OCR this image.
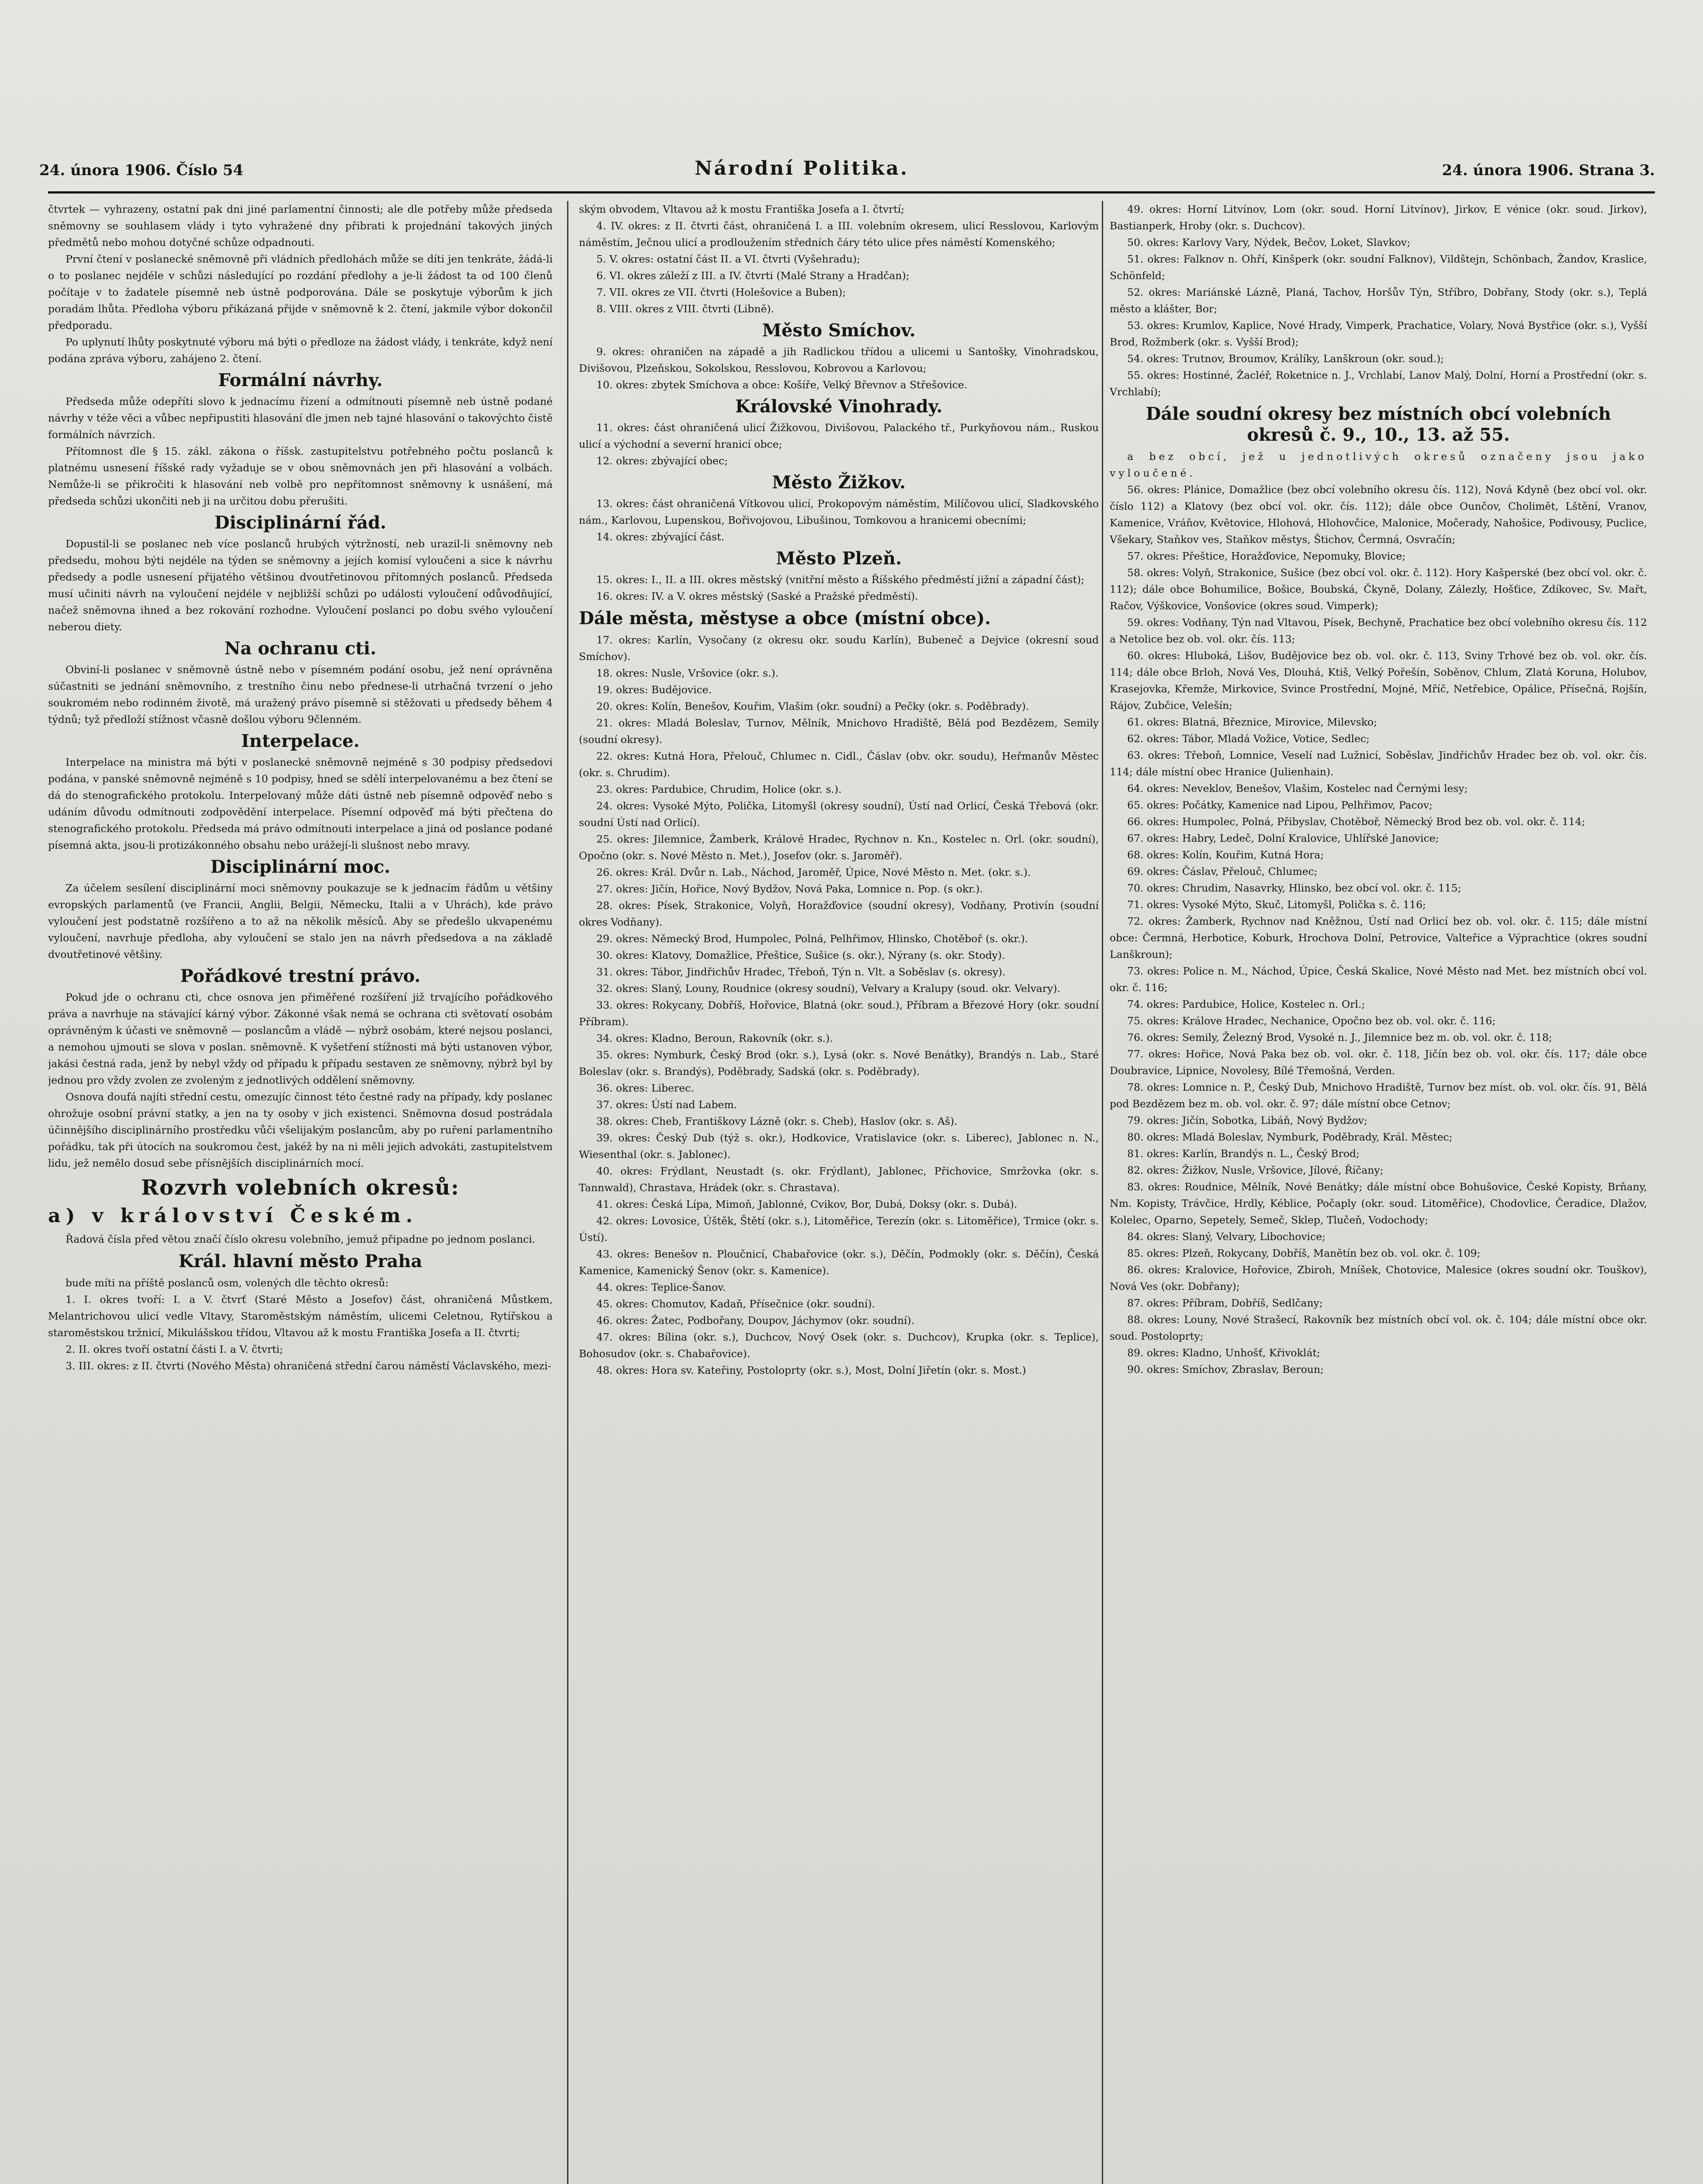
24. února 1906. Číslo 54	Národní Politika.	24. února 1906. Strana 3.

čtvrtek — vyhrazeny, ostatní pak dni jiné parlamentní činnosti; ale dle potřeby může předseda sněmovny se souhlasem vlády i tyto vyhražené dny přibrati k projednání takových jiných předmětů nebo mohou dotyčné schůze odpadnouti.

První čtení v poslanecké sněmovně při vládních předlohách může se díti jen tenkráte, žádá-li o to poslanec nejdéle v schůzi následující po rozdání předlohy a je-li žádost ta od 100 členů počítaje v to žadatele písemně neb ústně podporována. Dále se poskytuje výborům k jich poradám lhůta. Předloha výboru přikázaná přijde v sněmovně k 2. čtení, jakmile výbor dokončil předporadu.

Po uplynutí lhůty poskytnuté výboru má býti o předloze na žádost vlády, i tenkráte, když není podána zpráva výboru, zahájeno 2. čtení.

Formální návrhy.

Předseda může odepříti slovo k jednacímu řízení a odmítnouti písemně neb ústně podané návrhy v téže věci a vůbec nepřipustiti hlasování dle jmen neb tajné hlasování o takovýchto čistě formálních návrzích.

Přítomnost dle § 15. zákl. zákona o říšsk. zastupitelstvu potřebného počtu poslanců k platnému usnesení říšské rady vyžaduje se v obou sněmovnách jen při hlasování a volbách. Nemůže-li se přikročiti k hlasování neb volbě pro nepřítomnost sněmovny k usnášení, má předseda schůzi ukončiti neb ji na určitou dobu přerušiti.

Disciplinární řád.

Dopustil-li se poslanec neb více poslanců hrubých výtržností, neb urazil-li sněmovny neb předsedu, mohou býti nejdéle na týden se sněmovny a jejích komisí vyloučeni a sice k návrhu předsedy a podle usnesení přijatého většinou dvoutřetinovou přítomných poslanců. Předseda musí učiniti návrh na vyloučení nejdéle v nejbližší schůzi po události vyloučení odůvodňující, načež sněmovna ihned a bez rokování rozhodne. Vyloučení poslanci po dobu svého vyloučení neberou diety.

Na ochranu cti.

Obviní-li poslanec v sněmovně ústně nebo v písemném podání osobu, jež není oprávněna súčastniti se jednání sněmovního, z trestního činu nebo přednese-li utrhačná tvrzení o jeho soukromém nebo rodinném životě, má uražený právo písemně si stěžovati u předsedy během 4 týdnů; tyž předloží stížnost včasně došlou výboru 9členném.

Interpelace.

Interpelace na ministra má býti v poslanecké sněmovně nejméně s 30 podpisy předsedovi podána, v panské sněmovně nejméně s 10 podpisy, hned se sdělí interpelovanému a bez čtení se dá do stenografického protokolu. Interpelovaný může dáti ústně neb písemně odpověď nebo s udáním důvodu odmítnouti zodpovědění interpelace. Písemní odpověď má býti přečtena do stenografického protokolu. Předseda má právo odmítnouti interpelace a jiná od poslance podané písemná akta, jsou-li protizákonného obsahu nebo urážejí-li slušnost nebo mravy.

Disciplinární moc.

Za účelem sesílení disciplinární moci sněmovny poukazuje se k jednacím řádům u většiny evropských parlamentů (ve Francii, Anglii, Belgii, Německu, Italii a v Uhrách), kde právo vyloučení jest podstatně rozšířeno a to až na několik měsíců. Aby se předešlo ukvapenému vyloučení, navrhuje předloha, aby vyloučení se stalo jen na návrh předsedova a na základě dvoutřetinové většiny.

Pořádkové trestní právo.

Pokud jde o ochranu cti, chce osnova jen přiměřené rozšíření již trvajícího pořádkového práva a navrhuje na stávající kárný výbor. Zákonné však nemá se ochrana cti světovatí osobám oprávněným k účasti ve sněmovně — poslancům a vládě — nýbrž osobám, které nejsou poslanci, a nemohou ujmouti se slova v poslan. sněmovně. K vyšetření stížnosti má býti ustanoven výbor, jakási čestná rada, jenž by nebyl vždy od případu k případu sestaven ze sněmovny, nýbrž byl by jednou pro vždy zvolen ze zvoleným z jednotlivých oddělení sněmovny.

Osnova doufá najíti střední cestu, omezujíc činnost této čestné rady na případy, kdy poslanec ohrožuje osobní právní statky, a jen na ty osoby v jich existenci. Sněmovna dosud postrádala účinnějšího disciplinárního prostředku vůči všelijakým poslancům, aby po ruření parlamentního pořádku, tak při útocích na soukromou čest, jakéž by na ni měli jejich advokáti, zastupitelstvem lidu, jež nemělo dosud sebe přísnějších disciplinárních mocí.

Rozvrh volebních okresů:
a) v království Českém.

Řadová čísla před větou značí číslo okresu volebního, jemuž připadne po jednom poslanci.

Král. hlavní město Praha

bude míti na příště poslanců osm, volených dle těchto okresů:

1. I. okres tvoří: I. a V. čtvrť (Staré Město a Josefov) část, ohraničená Můstkem, Melantrichovou ulicí vedle Vltavy, Staroměstským náměstím, ulicemi Celetnou, Rytířskou a staroměstskou tržnicí, Mikulášskou třídou, Vltavou až k mostu Františka Josefa a II. čtvrti;

2. II. okres tvoří ostatní části I. a V. čtvrti;

3. III. okres: z II. čtvrti (Nového Města) ohraničená střední čarou náměstí Václavského, mezi-

ským obvodem, Vltavou až k mostu Františka Josefa a I. čtvrtí;

4. IV. okres: z II. čtvrti část, ohraničená I. a III. volebním okresem, ulicí Resslovou, Karlovým náměstím, Ječnou ulicí a prodloužením středních čáry této ulice přes náměstí Komenského;

5. V. okres: ostatní část II. a VI. čtvrti (Vyšehradu);

6. VI. okres záleží z III. a IV. čtvrti (Malé Strany a Hradčan);

7. VII. okres ze VII. čtvrti (Holešovice a Buben);

8. VIII. okres z VIII. čtvrti (Libně).

Město Smíchov.

9. okres: ohraničen na západě a jih Radlickou třídou a ulicemi u Santošky, Vinohradskou, Divišovou, Plzeňskou, Sokolskou, Resslovou, Kobrovou a Karlovou;

10. okres: zbytek Smíchova a obce: Košíře, Velký Břevnov a Střešovice.

Královské Vinohrady.

11. okres: část ohraničená ulicí Žižkovou, Divišovou, Palackého tř., Purkyňovou nám., Ruskou ulicí a východní a severní hranicí obce;

12. okres: zbývající obec;

Město Žižkov.

13. okres: část ohraničená Vítkovou ulicí, Prokopovým náměstím, Milíčovou ulicí, Sladkovského nám., Karlovou, Lupenskou, Bořivojovou, Libušinou, Tomkovou a hranicemi obecními;

14. okres: zbývající část.

Město Plzeň.

15. okres: I., II. a III. okres městský (vnitřní město a Říšského předměstí jižní a západní část);

16. okres: IV. a V. okres městský (Saské a Pražské předměstí).

Dále města, městyse a obce (místní obce).

17. okres: Karlín, Vysočany (z okresu okr. soudu Karlín), Bubeneč a Dejvice (okresní soud Smíchov).

18. okres: Nusle, Vršovice (okr. s.).

19. okres: Budějovice.

20. okres: Kolín, Benešov, Kouřim, Vlašim (okr. soudní) a Pečky (okr. s. Poděbrady).

21. okres: Mladá Boleslav, Turnov, Mělník, Mnichovo Hradiště, Bělá pod Bezdězem, Semily (soudní okresy).

22. okres: Kutná Hora, Přelouč, Chlumec n. Cidl., Čáslav (obv. okr. soudu), Heřmanův Městec (okr. s. Chrudim).

23. okres: Pardubice, Chrudim, Holice (okr. s.).

24. okres: Vysoké Mýto, Polička, Litomyšl (okresy soudní), Ústí nad Orlicí, Česká Třebová (okr. soudní Ústí nad Orlicí).

25. okres: Jilemnice, Žamberk, Králové Hradec, Rychnov n. Kn., Kostelec n. Orl. (okr. soudní), Opočno (okr. s. Nové Město n. Met.), Josefov (okr. s. Jaroměř).

26. okres: Král. Dvůr n. Lab., Náchod, Jaroměř, Úpice, Nové Město n. Met. (okr. s.).

27. okres: Jičín, Hořice, Nový Bydžov, Nová Paka, Lomnice n. Pop. (s okr.).

28. okres: Písek, Strakonice, Volyň, Horažďovice (soudní okresy), Vodňany, Protivín (soudní okres Vodňany).

29. okres: Německý Brod, Humpolec, Polná, Pelhřimov, Hlinsko, Chotěboř (s. okr.).

30. okres: Klatovy, Domažlice, Přeštice, Sušice (s. okr.), Nýrany (s. okr. Stody).

31. okres: Tábor, Jindřichův Hradec, Třeboň, Týn n. Vlt. a Soběslav (s. okresy).

32. okres: Slaný, Louny, Roudnice (okresy soudní), Velvary a Kralupy (soud. okr. Velvary).

33. okres: Rokycany, Dobříš, Hořovice, Blatná (okr. soud.), Příbram a Březové Hory (okr. soudní Příbram).

34. okres: Kladno, Beroun, Rakovník (okr. s.).

35. okres: Nymburk, Český Brod (okr. s.), Lysá (okr. s. Nové Benátky), Brandýs n. Lab., Staré Boleslav (okr. s. Brandýs), Poděbrady, Sadská (okr. s. Poděbrady).

36. okres: Liberec.

37. okres: Ústí nad Labem.

38. okres: Cheb, Františkovy Lázně (okr. s. Cheb), Haslov (okr. s. Aš).

39. okres: Český Dub (týž s. okr.), Hodkovice, Vratislavice (okr. s. Liberec), Jablonec n. N., Wiesenthal (okr. s. Jablonec).

40. okres: Frýdlant, Neustadt (s. okr. Frýdlant), Jablonec, Přichovice, Smržovka (okr. s. Tannwald), Chrastava, Hrádek (okr. s. Chrastava).

41. okres: Česká Lípa, Mimoň, Jablonné, Cvikov, Bor, Dubá, Doksy (okr. s. Dubá).

42. okres: Lovosice, Úštěk, Štětí (okr. s.), Litoměřice, Terezín (okr. s. Litoměřice), Trmice (okr. s. Ústí).

43. okres: Benešov n. Ploučnicí, Chabařovice (okr. s.), Děčín, Podmokly (okr. s. Děčín), Česká Kamenice, Kamenický Šenov (okr. s. Kamenice).

44. okres: Teplice-Šanov.

45. okres: Chomutov, Kadaň, Přísečnice (okr. soudní).

46. okres: Žatec, Podbořany, Doupov, Jáchymov (okr. soudní).

47. okres: Bílina (okr. s.), Duchcov, Nový Osek (okr. s. Duchcov), Krupka (okr. s. Teplice), Bohosudov (okr. s. Chabařovice).

48. okres: Hora sv. Kateřiny, Postoloprty (okr. s.), Most, Dolní Jiřetín (okr. s. Most.)

49. okres: Horní Litvínov, Lom (okr. soud. Horní Litvínov), Jirkov, E vénice (okr. soud. Jirkov), Bastianperk, Hroby (okr. s. Duchcov).

50. okres: Karlovy Vary, Nýdek, Bečov, Loket, Slavkov;

51. okres: Falknov n. Ohří, Kinšperk (okr. soudní Falknov), Vildštejn, Schönbach, Žandov, Kraslice, Schönfeld;

52. okres: Mariánské Lázně, Planá, Tachov, Horšův Týn, Stříbro, Dobřany, Stody (okr. s.), Teplá město a klášter, Bor;

53. okres: Krumlov, Kaplice, Nové Hrady, Vimperk, Prachatice, Volary, Nová Bystřice (okr. s.), Vyšší Brod, Rožmberk (okr. s. Vyšší Brod);

54. okres: Trutnov, Broumov, Králíky, Lanškroun (okr. soud.);

55. okres: Hostinné, Žacléř, Roketnice n. J., Vrchlabí, Lanov Malý, Dolní, Horní a Prostřední (okr. s. Vrchlabí);

Dále soudní okresy bez místních obcí volebních okresů č. 9., 10., 13. až 55.

a bez obcí, jež u jednotlivých okresů označeny jsou jako vyloučené.

56. okres: Plánice, Domažlice (bez obcí volebního okresu čís. 112), Nová Kdyně (bez obcí vol. okr. číslo 112) a Klatovy (bez obcí vol. okr. čís. 112); dále obce Ounčov, Cholimět, Lštění, Vranov, Kamenice, Vráňov, Květovice, Hlohová, Hlohovčice, Malonice, Močerady, Nahošice, Podivousy, Puclice, Všekary, Staňkov ves, Staňkov městys, Štichov, Čermná, Osvračín;

57. okres: Přeštice, Horažďovice, Nepomuky, Blovice;

58. okres: Volyň, Strakonice, Sušice (bez obcí vol. okr. č. 112). Hory Kašperské (bez obcí vol. okr. č. 112); dále obce Bohumilice, Bošice, Boubská, Čkyně, Dolany, Zálezly, Hošťice, Zdíkovec, Sv. Mařt, Račov, Výškovice, Vonšovice (okres soud. Vimperk);

59. okres: Vodňany, Týn nad Vltavou, Písek, Bechyně, Prachatice bez obcí volebního okresu čís. 112 a Netolice bez ob. vol. okr. čís. 113;

60. okres: Hluboká, Lišov, Budějovice bez ob. vol. okr. č. 113, Sviny Trhové bez ob. vol. okr. čís. 114; dále obce Brloh, Nová Ves, Dlouhá, Ktiš, Velký Pořešín, Soběnov, Chlum, Zlatá Koruna, Holubov, Krasejovka, Křemže, Mirkovice, Svince Prostřední, Mojné, Mříč, Netřebice, Opálice, Přísečná, Rojšín, Rájov, Zubčice, Velešín;

61. okres: Blatná, Březnice, Mirovice, Milevsko;

62. okres: Tábor, Mladá Vožice, Votice, Sedlec;

63. okres: Třeboň, Lomnice, Veselí nad Lužnicí, Soběslav, Jindřichův Hradec bez ob. vol. okr. čís. 114; dále místní obec Hranice (Julienhain).

64. okres: Neveklov, Benešov, Vlašim, Kostelec nad Černými lesy;

65. okres: Počátky, Kamenice nad Lipou, Pelhřimov, Pacov;

66. okres: Humpolec, Polná, Přibyslav, Chotěboř, Německý Brod bez ob. vol. okr. č. 114;

67. okres: Habry, Ledeč, Dolní Kralovice, Uhlířské Janovice;

68. okres: Kolín, Kouřim, Kutná Hora;

69. okres: Čáslav, Přelouč, Chlumec;

70. okres: Chrudim, Nasavrky, Hlinsko, bez obcí vol. okr. č. 115;

71. okres: Vysoké Mýto, Skuč, Litomyšl, Polička s. č. 116;

72. okres: Žamberk, Rychnov nad Kněžnou, Ústí nad Orlicí bez ob. vol. okr. č. 115; dále místní obce: Čermná, Herbotice, Koburk, Hrochova Dolní, Petrovice, Valteřice a Výprachtice (okres soudní Lanškroun);

73. okres: Police n. M., Náchod, Úpice, Česká Skalice, Nové Město nad Met. bez místních obcí vol. okr. č. 116;

74. okres: Pardubice, Holice, Kostelec n. Orl.;

75. okres: Králove Hradec, Nechanice, Opočno bez ob. vol. okr. č. 116;

76. okres: Semily, Železný Brod, Vysoké n. J., Jilemnice bez m. ob. vol. okr. č. 118;

77. okres: Hořice, Nová Paka bez ob. vol. okr. č. 118, Jičín bez ob. vol. okr. čís. 117; dále obce Doubravice, Lipnice, Novolesy, Bílé Třemošná, Verden.

78. okres: Lomnice n. P., Český Dub, Mnichovo Hradiště, Turnov bez míst. ob. vol. okr. čís. 91, Bělá pod Bezdězem bez m. ob. vol. okr. č. 97; dále místní obce Cetnov;

79. okres: Jičín, Sobotka, Libáň, Nový Bydžov;

80. okres: Mladá Boleslav, Nymburk, Poděbrady, Král. Městec;

81. okres: Karlín, Brandýs n. L., Český Brod;

82. okres: Žižkov, Nusle, Vršovice, Jílové, Říčany;

83. okres: Roudnice, Mělník, Nové Benátky; dále místní obce Bohušovice, České Kopisty, Brňany, Nm. Kopisty, Trávčice, Hrdly, Kéblice, Počaply (okr. soud. Litoměřice), Chodovlice, Čeradice, Dlažov, Kolelec, Oparno, Sepetely, Semeč, Sklep, Tlučeň, Vodochody;

84. okres: Slaný, Velvary, Libochovice;

85. okres: Plzeň, Rokycany, Dobříš, Manětín bez ob. vol. okr. č. 109;

86. okres: Kralovice, Hořovice, Zbiroh, Mníšek, Chotovice, Malesice (okres soudní okr. Touškov), Nová Ves (okr. Dobřany);

87. okres: Příbram, Dobříš, Sedlčany;

88. okres: Louny, Nové Strašecí, Rakovník bez místních obcí vol. ok. č. 104; dále místní obce okr. soud. Postoloprty;

89. okres: Kladno, Unhošť, Křivoklát;

90. okres: Smíchov, Zbraslav, Beroun;
